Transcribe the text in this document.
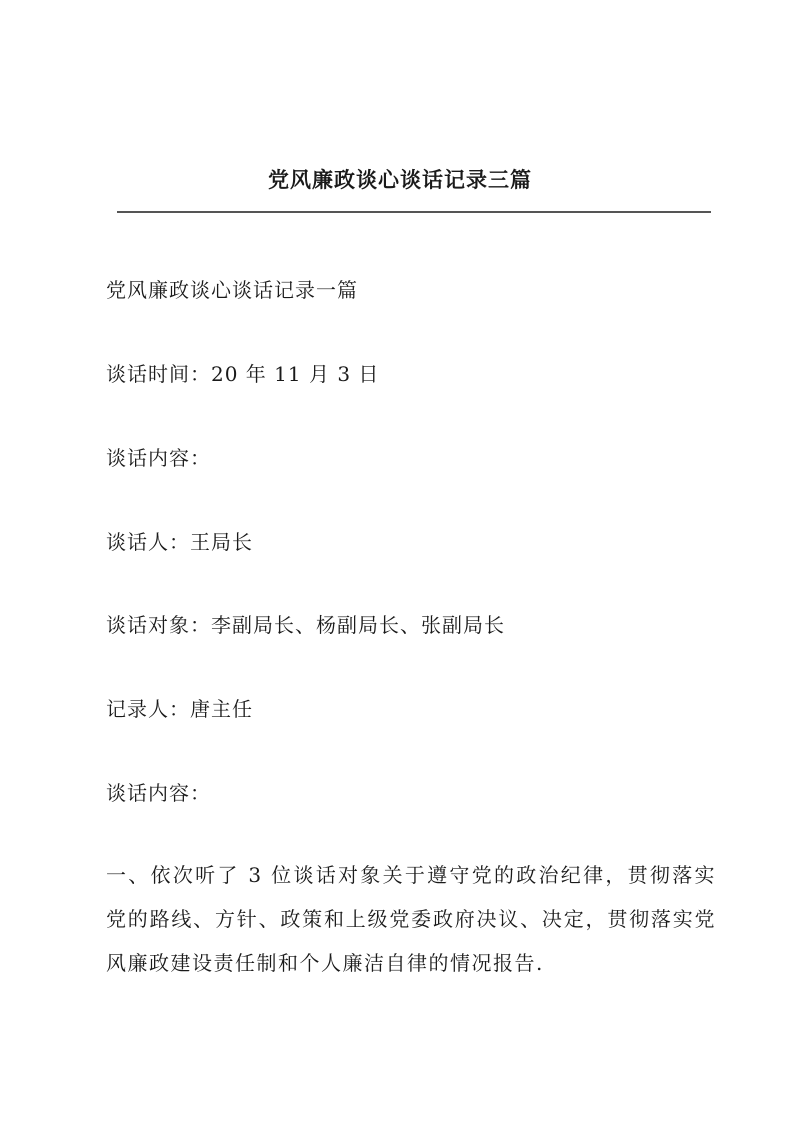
党风廉政谈心谈话记录三篇

党风廉政谈心谈话记录一篇

谈话时间：20 年 11 月 3 日

谈话内容：

谈话人：王局长

谈话对象：李副局长、杨副局长、张副局长

记录人：唐主任

谈话内容：

一、依次听了 3 位谈话对象关于遵守党的政治纪律，贯彻落实党的路线、方针、政策和上级党委政府决议、决定，贯彻落实党风廉政建设责任制和个人廉洁自律的情况报告.
